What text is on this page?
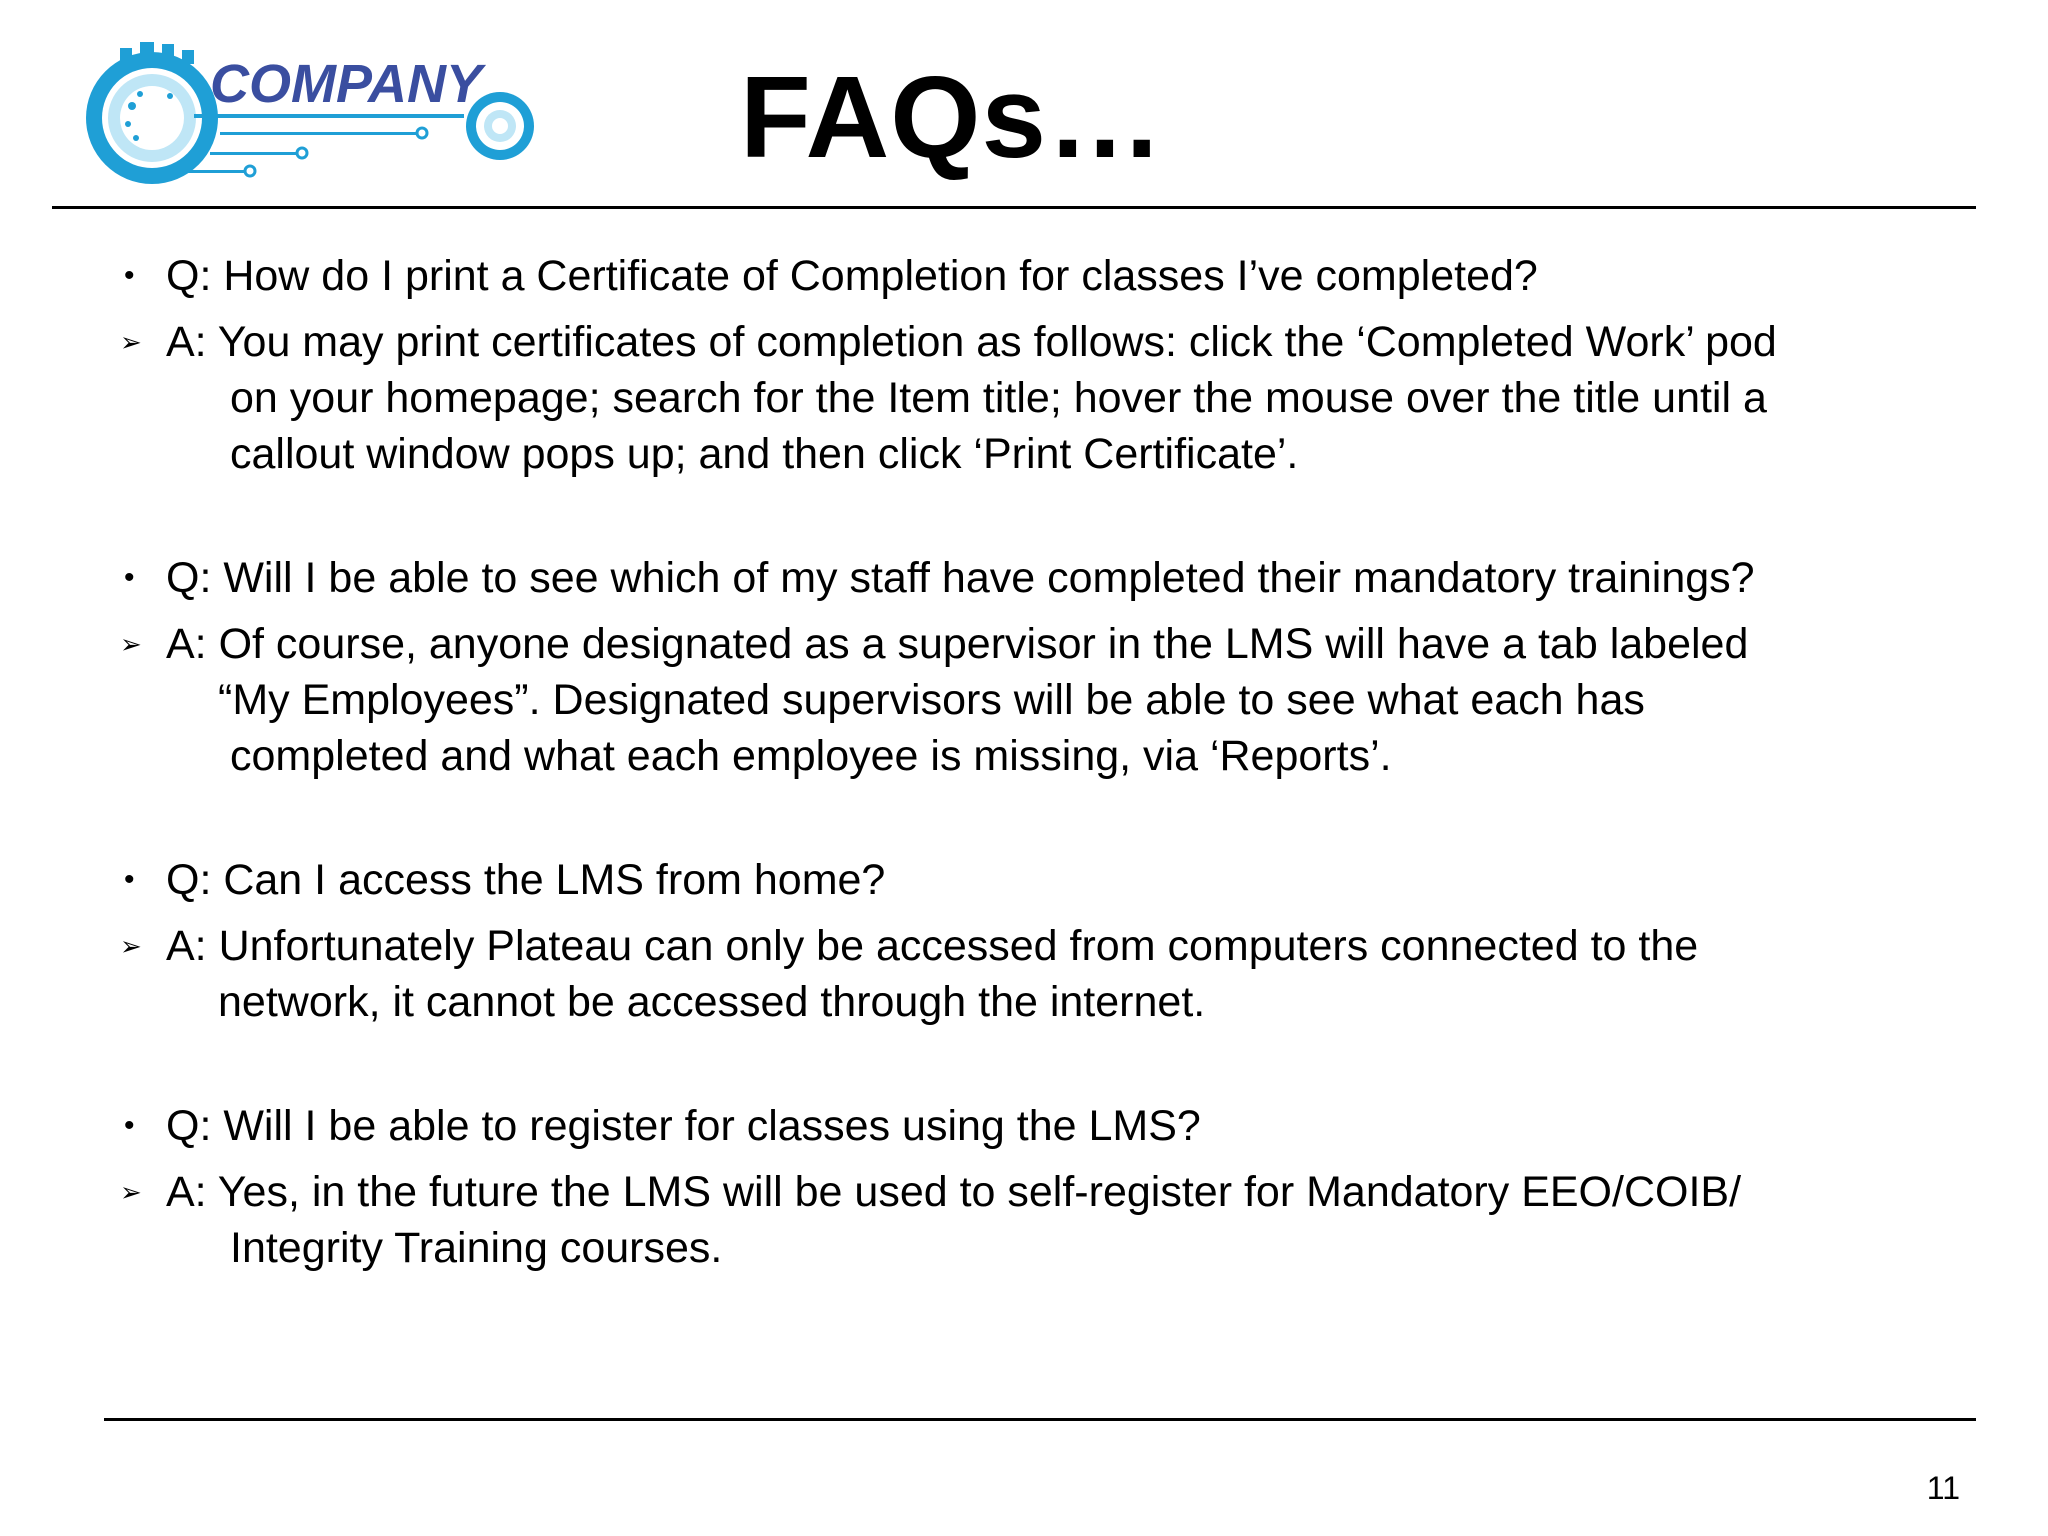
COMPANY FAQs…
• Q: How do I print a Certificate of Completion for classes I’ve completed?
➢ A: You may print certificates of completion as follows: click the ‘Completed Work’ pod
on your homepage; search for the Item title; hover the mouse over the title until a
callout window pops up; and then click ‘Print Certificate’.
• Q: Will I be able to see which of my staff have completed their mandatory trainings?
➢ A: Of course, anyone designated as a supervisor in the LMS will have a tab labeled
“My Employees”. Designated supervisors will be able to see what each has
completed and what each employee is missing, via ‘Reports’.
• Q: Can I access the LMS from home?
➢ A: Unfortunately Plateau can only be accessed from computers connected to the
network, it cannot be accessed through the internet.
• Q: Will I be able to register for classes using the LMS?
➢ A: Yes, in the future the LMS will be used to self-register for Mandatory EEO/COIB/
Integrity Training courses.
11
